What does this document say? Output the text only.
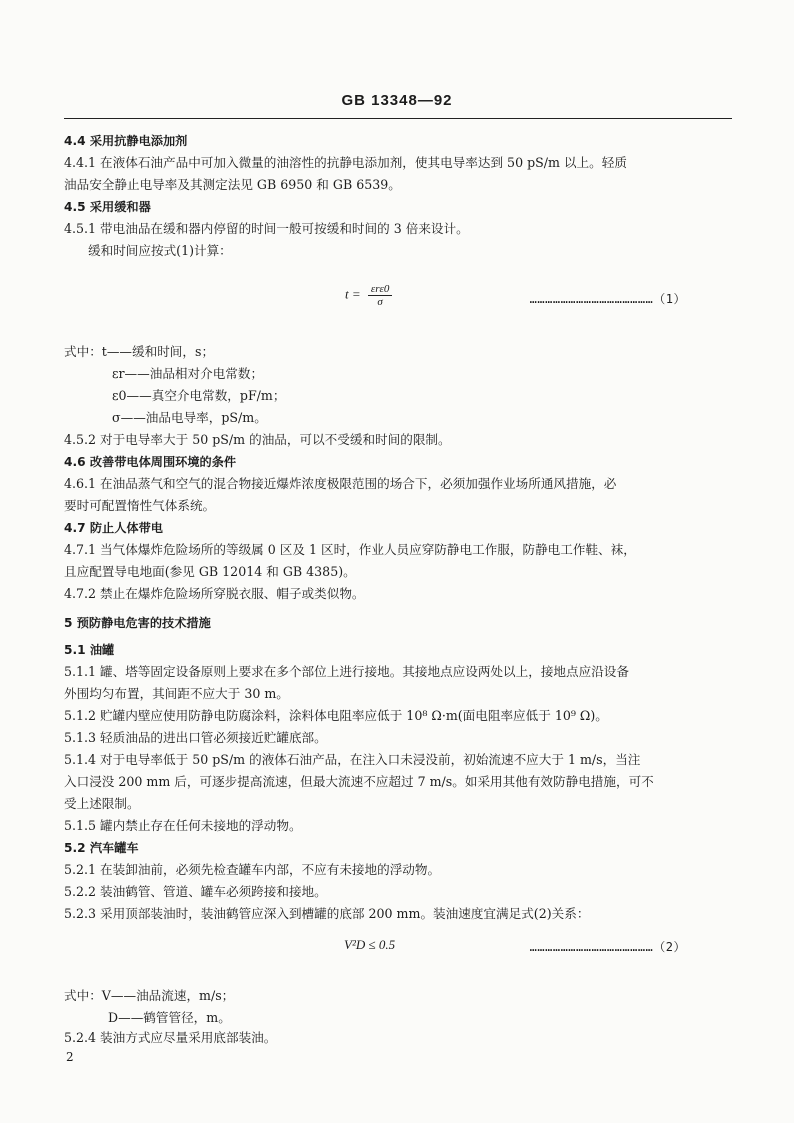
GB 13348—92
4.4 采用抗静电添加剂
4.4.1 在液体石油产品中可加入微量的油溶性的抗静电添加剂，使其电导率达到 50 pS/m 以上。轻质
油品安全静止电导率及其测定法见 GB 6950 和 GB 6539。
4.5 采用缓和器
4.5.1 带电油品在缓和器内停留的时间一般可按缓和时间的 3 倍来设计。
缓和时间应按式(1)计算：
$t = \frac{\text{εrε0}}{\sigma}$	…………………………………………（1）
式中：t——缓和时间，s；
εr——油品相对介电常数；
ε0——真空介电常数，pF/m；
σ——油品电导率，pS/m。
4.5.2 对于电导率大于 50 pS/m 的油品，可以不受缓和时间的限制。
4.6 改善带电体周围环境的条件
4.6.1 在油品蒸气和空气的混合物接近爆炸浓度极限范围的场合下，必须加强作业场所通风措施，必
要时可配置惰性气体系统。
4.7 防止人体带电
4.7.1 当气体爆炸危险场所的等级属 0 区及 1 区时，作业人员应穿防静电工作服，防静电工作鞋、袜，
且应配置导电地面(参见 GB 12014 和 GB 4385)。
4.7.2 禁止在爆炸危险场所穿脱衣服、帽子或类似物。
5 预防静电危害的技术措施
5.1 油罐
5.1.1 罐、塔等固定设备原则上要求在多个部位上进行接地。其接地点应设两处以上，接地点应沿设备
外围均匀布置，其间距不应大于 30 m。
5.1.2 贮罐内壁应使用防静电防腐涂料，涂料体电阻率应低于 10⁸ Ω·m(面电阻率应低于 10⁹ Ω)。
5.1.3 轻质油品的进出口管必须接近贮罐底部。
5.1.4 对于电导率低于 50 pS/m 的液体石油产品，在注入口未浸没前，初始流速不应大于 1 m/s，当注
入口浸没 200 mm 后，可逐步提高流速，但最大流速不应超过 7 m/s。如采用其他有效防静电措施，可不
受上述限制。
5.1.5 罐内禁止存在任何未接地的浮动物。
5.2 汽车罐车
5.2.1 在装卸油前，必须先检查罐车内部，不应有未接地的浮动物。
5.2.2 装油鹤管、管道、罐车必须跨接和接地。
5.2.3 采用顶部装油时，装油鹤管应深入到槽罐的底部 200 mm。装油速度宜满足式(2)关系：
V²D ≤ 0.5	…………………………………………（2）
式中：V——油品流速，m/s；
D——鹤管管径，m。
5.2.4 装油方式应尽量采用底部装油。
2
